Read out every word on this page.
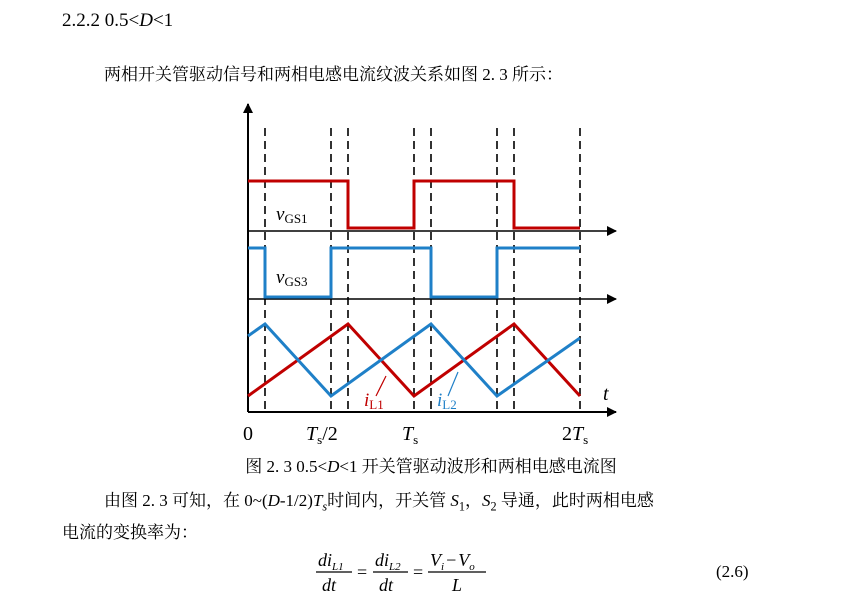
2.2.2 0.5<D<1
两相开关管驱动信号和两相电感电流纹波关系如图 2. 3 所示：
vGS1
vGS3
iL1	iL2	t
0	$T_s/2$	$T_s$	$2T_s$
图 2. 3 0.5<D<1 开关管驱动波形和两相电感电流图
由图 2. 3 可知，在 $0\sim(D-1/2)T_s$时间内，开关管 $S_1$，$S_2$ 导通，此时两相电感
电流的变换率为：
$di_{L1}$
dt
=
$di_{L2}$
dt
=
$V_i - V_o$
L
(2.6)
